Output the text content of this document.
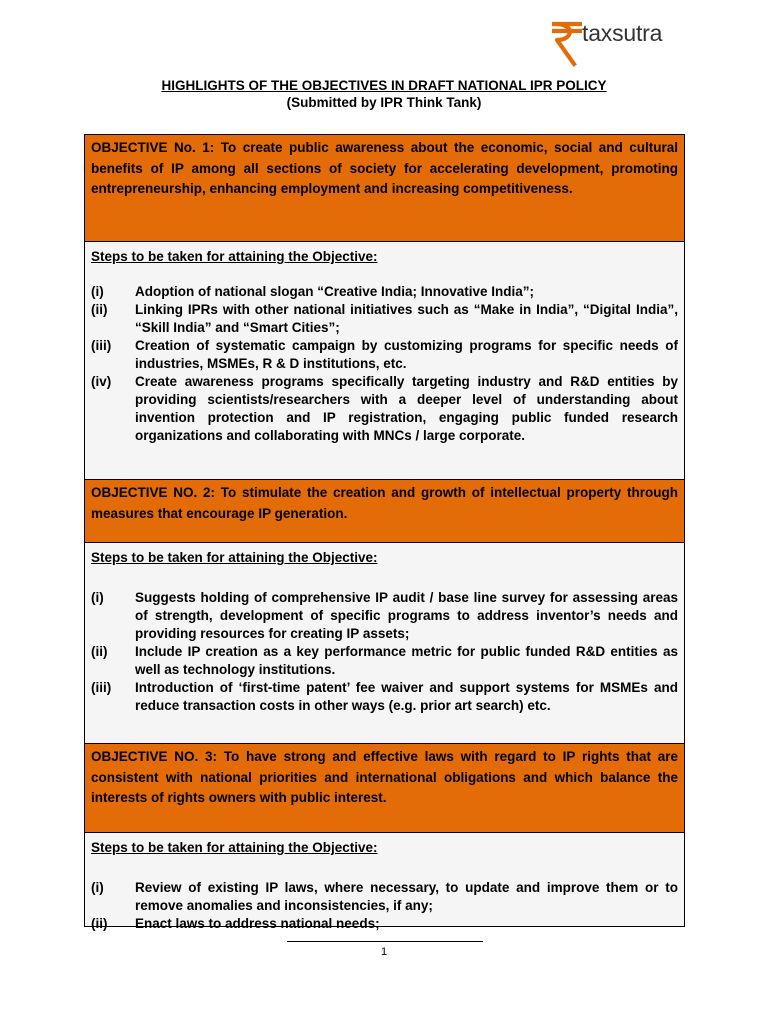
taxsutra
HIGHLIGHTS OF THE OBJECTIVES IN DRAFT NATIONAL IPR POLICY
(Submitted by IPR Think Tank)
OBJECTIVE No. 1: To create public awareness about the economic, social and cultural benefits of IP among all sections of society for accelerating development, promoting entrepreneurship, enhancing employment and increasing competitiveness.
Steps to be taken for attaining the Objective:
(i)	Adoption of national slogan “Creative India; Innovative India”;
(ii)	Linking IPRs with other national initiatives such as “Make in India”, “Digital India”, “Skill India” and “Smart Cities”;
(iii)	Creation of systematic campaign by customizing programs for specific needs of industries, MSMEs, R & D institutions, etc.
(iv)	Create awareness programs specifically targeting industry and R&D entities by providing scientists/researchers with a deeper level of understanding about invention protection and IP registration, engaging public funded research organizations and collaborating with MNCs / large corporate.
OBJECTIVE NO. 2: To stimulate the creation and growth of intellectual property through measures that encourage IP generation.
Steps to be taken for attaining the Objective:
(i)	Suggests holding of comprehensive IP audit / base line survey for assessing areas of strength, development of specific programs to address inventor’s needs and providing resources for creating IP assets;
(ii)	Include IP creation as a key performance metric for public funded R&D entities as well as technology institutions.
(iii)	Introduction of ‘first-time patent’ fee waiver and support systems for MSMEs and reduce transaction costs in other ways (e.g. prior art search) etc.
OBJECTIVE NO. 3: To have strong and effective laws with regard to IP rights that are consistent with national priorities and international obligations and which balance the interests of rights owners with public interest.
Steps to be taken for attaining the Objective:
(i)	Review of existing IP laws, where necessary, to update and improve them or to remove anomalies and inconsistencies, if any;
(ii)	Enact laws to address national needs;
1
